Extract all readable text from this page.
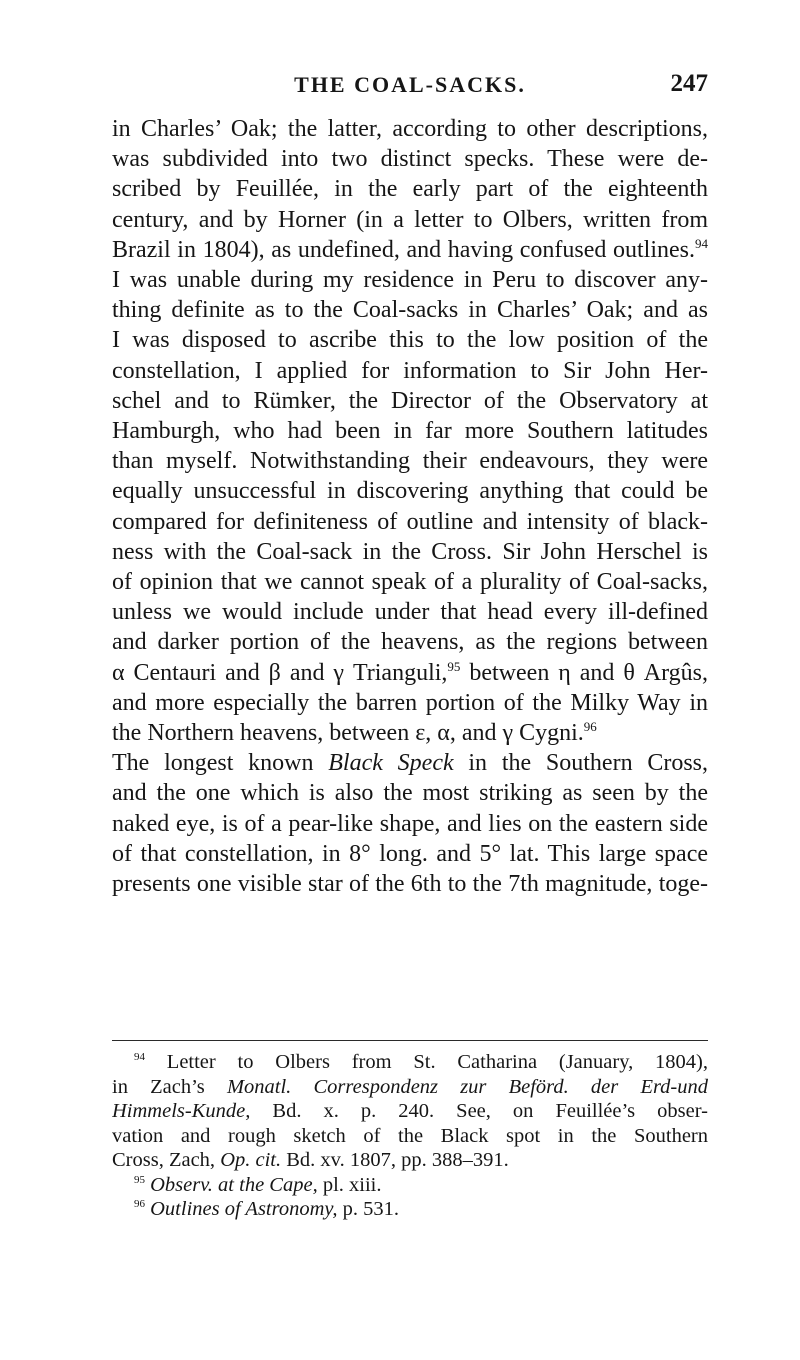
THE COAL-SACKS.	247
in Charles’ Oak; the latter, according to other descriptions,
was subdivided into two distinct specks. These were de-
scribed by Feuillée, in the early part of the eighteenth
century, and by Horner (in a letter to Olbers, written from
Brazil in 1804), as undefined, and having confused outlines.$^{94}$
I was unable during my residence in Peru to discover any-
thing definite as to the Coal-sacks in Charles’ Oak; and as
I was disposed to ascribe this to the low position of the
constellation, I applied for information to Sir John Her-
schel and to Rümker, the Director of the Observatory at
Hamburgh, who had been in far more Southern latitudes
than myself. Notwithstanding their endeavours, they were
equally unsuccessful in discovering anything that could be
compared for definiteness of outline and intensity of black-
ness with the Coal-sack in the Cross. Sir John Herschel is
of opinion that we cannot speak of a plurality of Coal-sacks,
unless we would include under that head every ill-defined
and darker portion of the heavens, as the regions between
α Centauri and β and γ Trianguli,$^{95}$ between η and θ Argûs,
and more especially the barren portion of the Milky Way in
the Northern heavens, between ε, α, and γ Cygni.$^{96}$
The longest known Black Speck in the Southern Cross,
and the one which is also the most striking as seen by the
naked eye, is of a pear-like shape, and lies on the eastern side
of that constellation, in 8° long. and 5° lat. This large space
presents one visible star of the 6th to the 7th magnitude, toge-
$^{94}$ Letter to Olbers from St. Catharina (January, 1804),
in Zach’s Monatl. Correspondenz zur Beförd. der Erd-und
Himmels-Kunde, Bd. x. p. 240. See, on Feuillée’s obser-
vation and rough sketch of the Black spot in the Southern
Cross, Zach, Op. cit. Bd. xv. 1807, pp. 388–391.
$^{95}$ Observ. at the Cape, pl. xiii.
$^{96}$ Outlines of Astronomy, p. 531.
